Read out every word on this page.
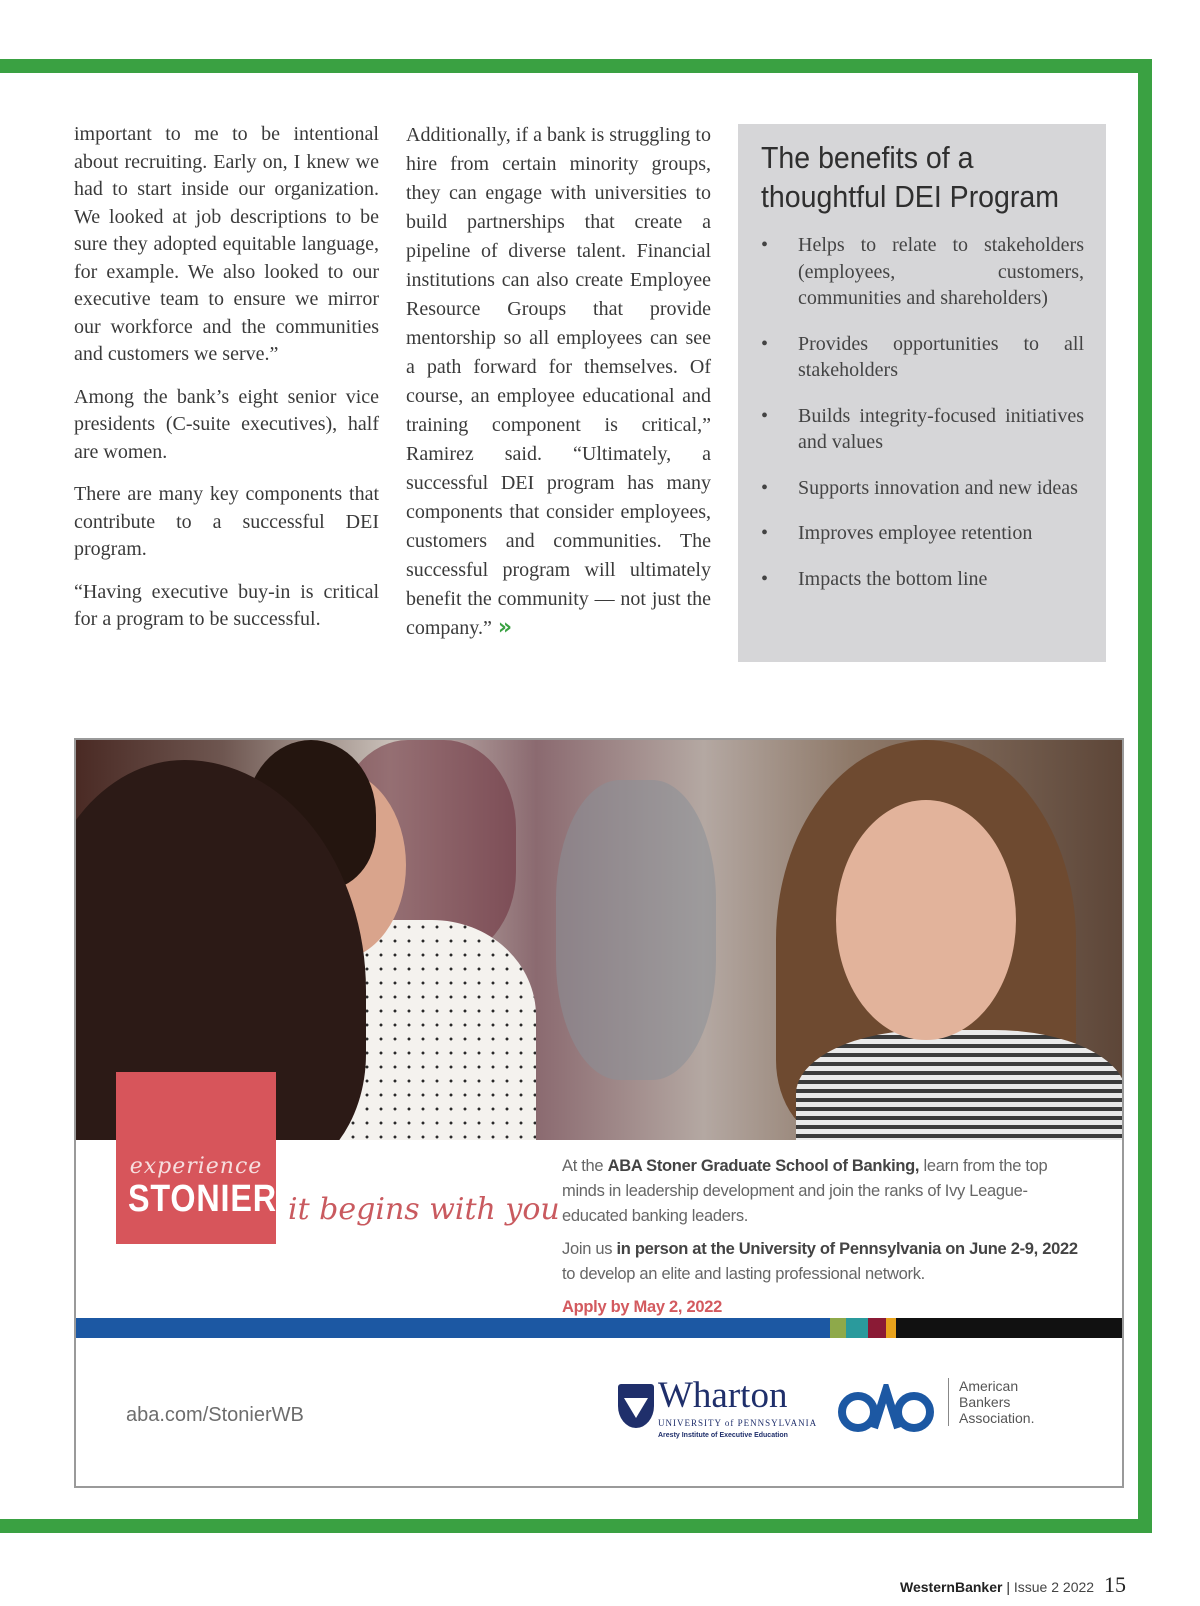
important to me to be intentional about recruiting. Early on, I knew we had to start inside our organization. We looked at job descriptions to be sure they adopted equitable language, for example. We also looked to our executive team to ensure we mirror our workforce and the communities and customers we serve.”

Among the bank’s eight senior vice presidents (C-suite executives), half are women.

There are many key components that contribute to a successful DEI program.

“Having executive buy-in is critical for a program to be successful.

Additionally, if a bank is struggling to hire from certain minority groups, they can engage with universities to build partnerships that create a pipeline of diverse talent. Financial institutions can also create Employee Resource Groups that provide mentorship so all employees can see a path forward for themselves. Of course, an employee educational and training component is critical,” Ramirez said. “Ultimately, a successful DEI program has many components that consider employees, customers and communities. The successful program will ultimately benefit the community — not just the company.” »

The benefits of a thoughtful DEI Program
• Helps to relate to stakeholders (employees, customers, communities and shareholders)
• Provides opportunities to all stakeholders
• Builds integrity-focused initiatives and values
• Supports innovation and new ideas
• Improves employee retention
• Impacts the bottom line
experience
STONIER it begins with you

At the ABA Stoner Graduate School of Banking, learn from the top minds in leadership development and join the ranks of Ivy League-educated banking leaders.

Join us in person at the University of Pennsylvania on June 2-9, 2022 to develop an elite and lasting professional network.

Apply by May 2, 2022

aba.com/StonierWB	Wharton
UNIVERSITY of PENNSYLVANIA
Aresty Institute of Executive Education
American
Bankers
Association.
WesternBanker | Issue 2 2022 15
